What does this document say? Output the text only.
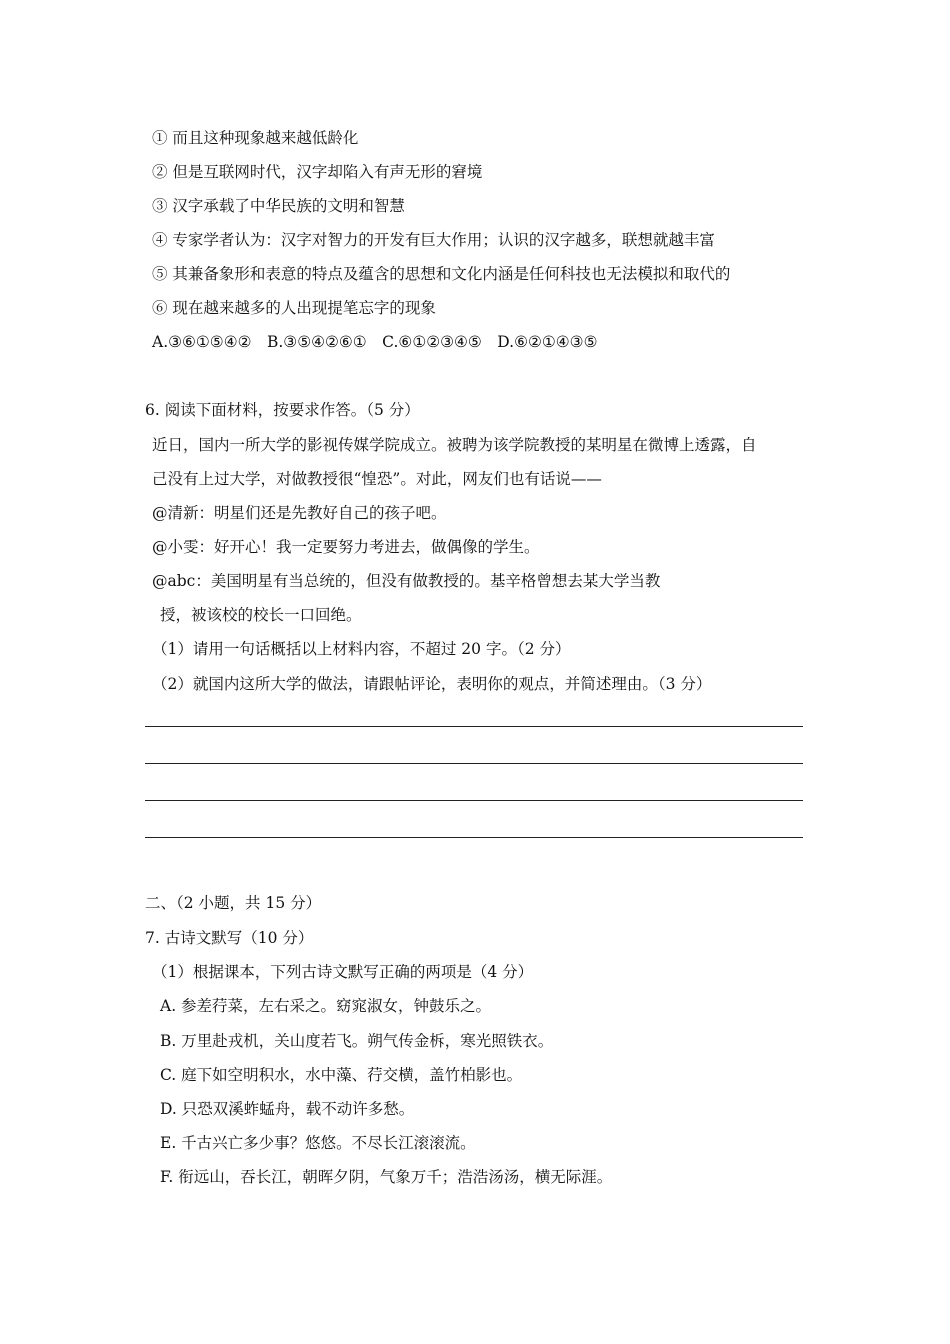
① 而且这种现象越来越低龄化
② 但是互联网时代，汉字却陷入有声无形的窘境
③ 汉字承载了中华民族的文明和智慧
④ 专家学者认为：汉字对智力的开发有巨大作用；认识的汉字越多，联想就越丰富
⑤ 其兼备象形和表意的特点及蕴含的思想和文化内涵是任何科技也无法模拟和取代的
⑥ 现在越来越多的人出现提笔忘字的现象
A.③⑥①⑤④②　B.③⑤④②⑥①　C.⑥①②③④⑤　D.⑥②①④③⑤
6. 阅读下面材料，按要求作答。（5 分）
近日，国内一所大学的影视传媒学院成立。被聘为该学院教授的某明星在微博上透露，自
己没有上过大学，对做教授很“惶恐”。对此，网友们也有话说——
@清新：明星们还是先教好自己的孩子吧。
@小雯：好开心！我一定要努力考进去，做偶像的学生。
@abc：美国明星有当总统的，但没有做教授的。基辛格曾想去某大学当教
授，被该校的校长一口回绝。
（1）请用一句话概括以上材料内容，不超过 20 字。（2 分）
（2）就国内这所大学的做法，请跟帖评论，表明你的观点，并简述理由。（3 分）
二、（2 小题，共 15 分）
7. 古诗文默写（10 分）
（1）根据课本，下列古诗文默写正确的两项是（4 分）
A. 参差荇菜，左右采之。窈窕淑女，钟鼓乐之。
B. 万里赴戎机，关山度若飞。朔气传金柝，寒光照铁衣。
C. 庭下如空明积水，水中藻、荇交横，盖竹柏影也。
D. 只恐双溪蚱蜢舟，载不动许多愁。
E. 千古兴亡多少事？悠悠。不尽长江滚滚流。
F. 衔远山，吞长江，朝晖夕阴，气象万千；浩浩汤汤，横无际涯。
